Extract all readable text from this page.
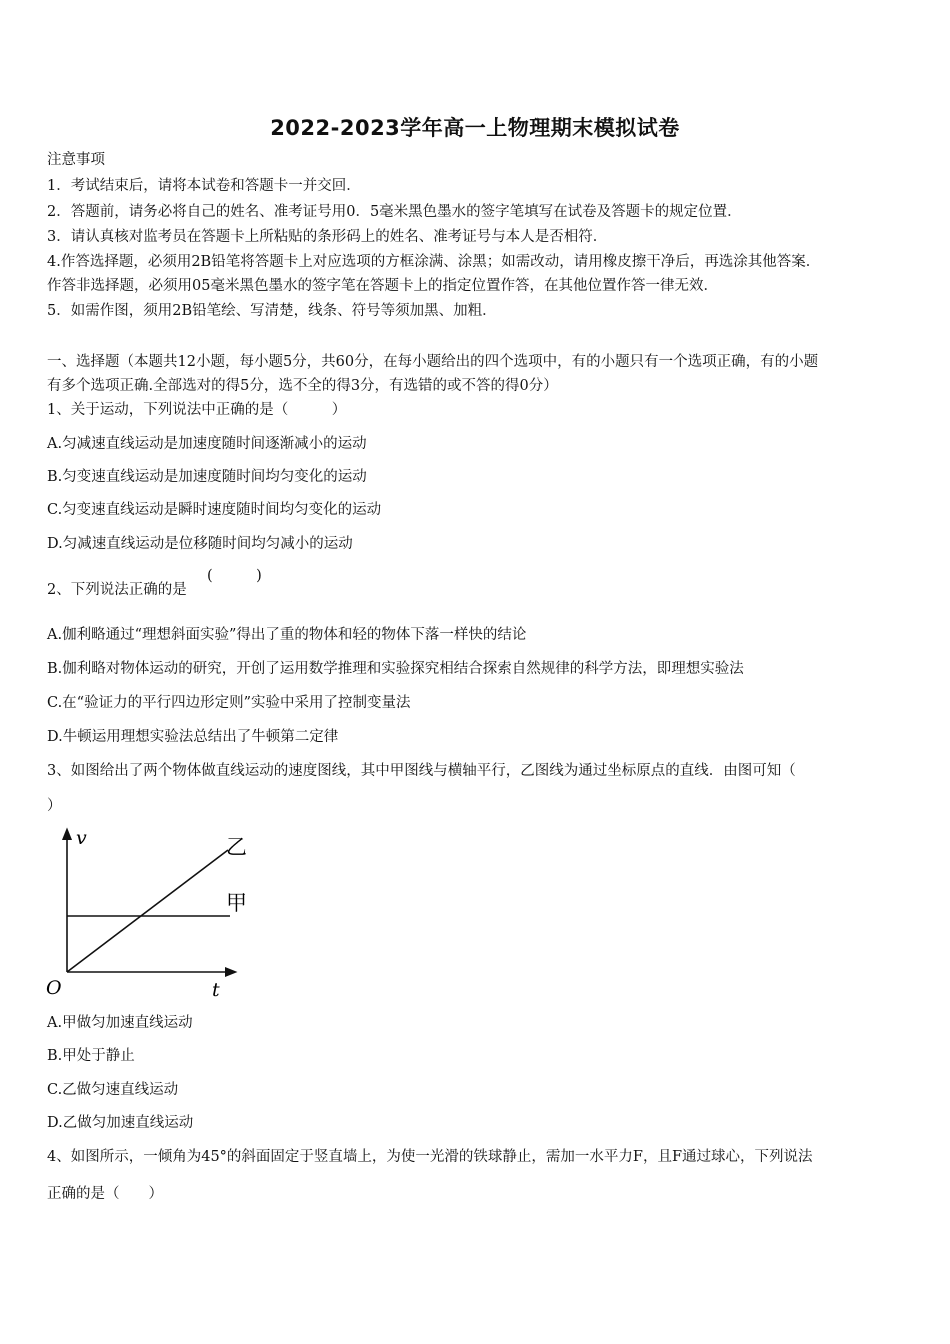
2022-2023学年高一上物理期末模拟试卷
注意事项
1．考试结束后，请将本试卷和答题卡一并交回．
2．答题前，请务必将自己的姓名、准考证号用0．5毫米黑色墨水的签字笔填写在试卷及答题卡的规定位置．
3．请认真核对监考员在答题卡上所粘贴的条形码上的姓名、准考证号与本人是否相符．
4.作答选择题，必须用2B铅笔将答题卡上对应选项的方框涂满、涂黑；如需改动，请用橡皮擦干净后，再选涂其他答案．
作答非选择题，必须用05毫米黑色墨水的签字笔在答题卡上的指定位置作答，在其他位置作答一律无效．
5．如需作图，须用2B铅笔绘、写清楚，线条、符号等须加黑、加粗．
一、选择题（本题共12小题，每小题5分，共60分，在每小题给出的四个选项中，有的小题只有一个选项正确，有的小题
有多个选项正确.全部选对的得5分，选不全的得3分，有选错的或不答的得0分）
1、关于运动，下列说法中正确的是（　　　）
A.匀减速直线运动是加速度随时间逐渐减小的运动
B.匀变速直线运动是加速度随时间均匀变化的运动
C.匀变速直线运动是瞬时速度随时间均匀变化的运动
D.匀减速直线运动是位移随时间均匀减小的运动
2、下列说法正确的是
(　　　)
A.伽利略通过“理想斜面实验”得出了重的物体和轻的物体下落一样快的结论
B.伽利略对物体运动的研究，开创了运用数学推理和实验探究相结合探索自然规律的科学方法，即理想实验法
C.在“验证力的平行四边形定则”实验中采用了控制变量法
D.牛顿运用理想实验法总结出了牛顿第二定律
3、如图给出了两个物体做直线运动的速度图线，其中甲图线与横轴平行，乙图线为通过坐标原点的直线．由图可知（
）
v
t
O
乙
甲
A.甲做匀加速直线运动
B.甲处于静止
C.乙做匀速直线运动
D.乙做匀加速直线运动
4、如图所示，一倾角为45°的斜面固定于竖直墙上，为使一光滑的铁球静止，需加一水平力F，且F通过球心，下列说法
正确的是（　　）
